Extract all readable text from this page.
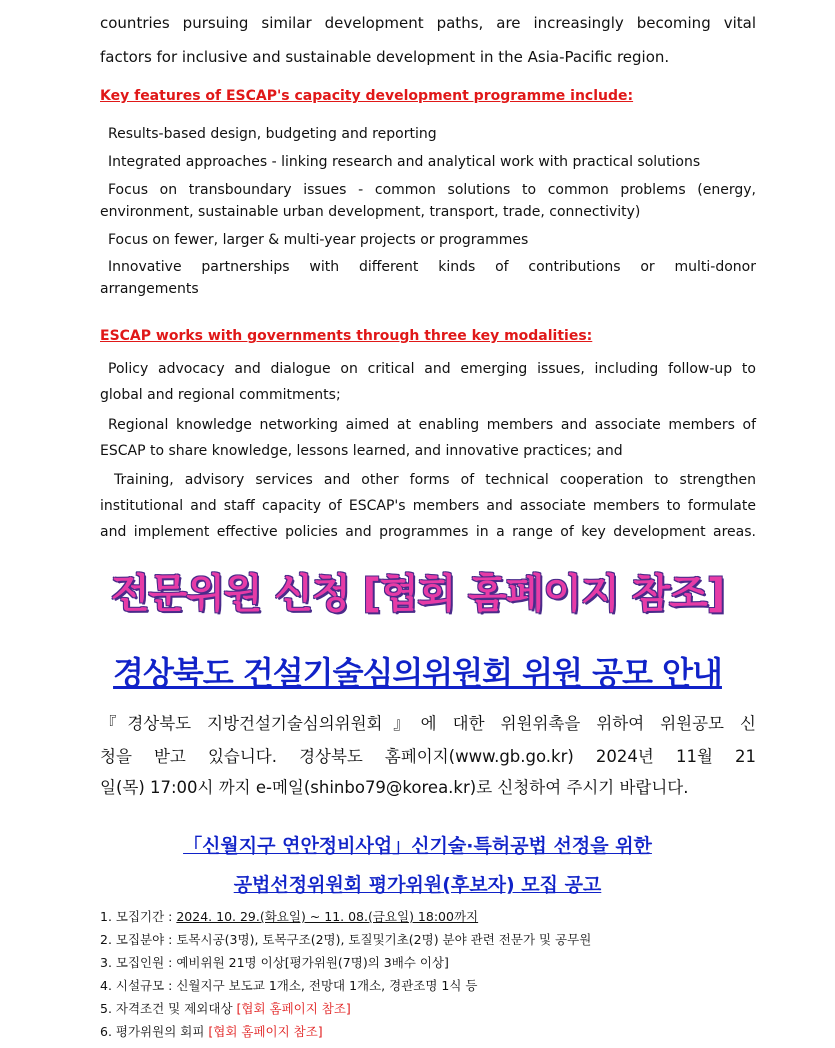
countries pursuing similar development paths, are increasingly becoming vital
factors for inclusive and sustainable development in the Asia-Pacific region.
Key features of ESCAP's capacity development programme include:
Results-based design, budgeting and reporting
Integrated approaches - linking research and analytical work with practical solutions
Focus on transboundary issues - common solutions to common problems (energy,
environment, sustainable urban development, transport, trade, connectivity)
Focus on fewer, larger & multi-year projects or programmes
Innovative partnerships with different kinds of contributions or multi-donor
arrangements
ESCAP works with governments through three key modalities:
Policy advocacy and dialogue on critical and emerging issues, including follow-up to
global and regional commitments;
Regional knowledge networking aimed at enabling members and associate members of
ESCAP to share knowledge, lessons learned, and innovative practices; and
Training, advisory services and other forms of technical cooperation to strengthen
institutional and staff capacity of ESCAP's members and associate members to formulate
and implement effective policies and programmes in a range of key development areas.
전문위원 신청 [협회 홈페이지 참조]
경상북도 건설기술심의위원회 위원 공모 안내
『경상북도 지방건설기술심의위원회』에 대한 위원위촉을 위하여 위원공모 신
청을 받고 있습니다. 경상북도 홈페이지(www.gb.go.kr) 2024년 11월 21
일(목) 17:00시 까지 e-메일(shinbo79@korea.kr)로 신청하여 주시기 바랍니다.
「신월지구 연안정비사업」신기술·특허공법 선정을 위한
공법선정위원회 평가위원(후보자) 모집 공고
1. 모집기간 : 2024. 10. 29.(화요일) ~ 11. 08.(금요일) 18:00까지
2. 모집분야 : 토목시공(3명), 토목구조(2명), 토질및기초(2명) 분야 관련 전문가 및 공무원
3. 모집인원 : 예비위원 21명 이상[평가위원(7명)의 3배수 이상]
4. 시설규모 : 신월지구 보도교 1개소, 전망대 1개소, 경관조명 1식 등
5. 자격조건 및 제외대상 [협회 홈페이지 참조]
6. 평가위원의 회피 [협회 홈페이지 참조]
